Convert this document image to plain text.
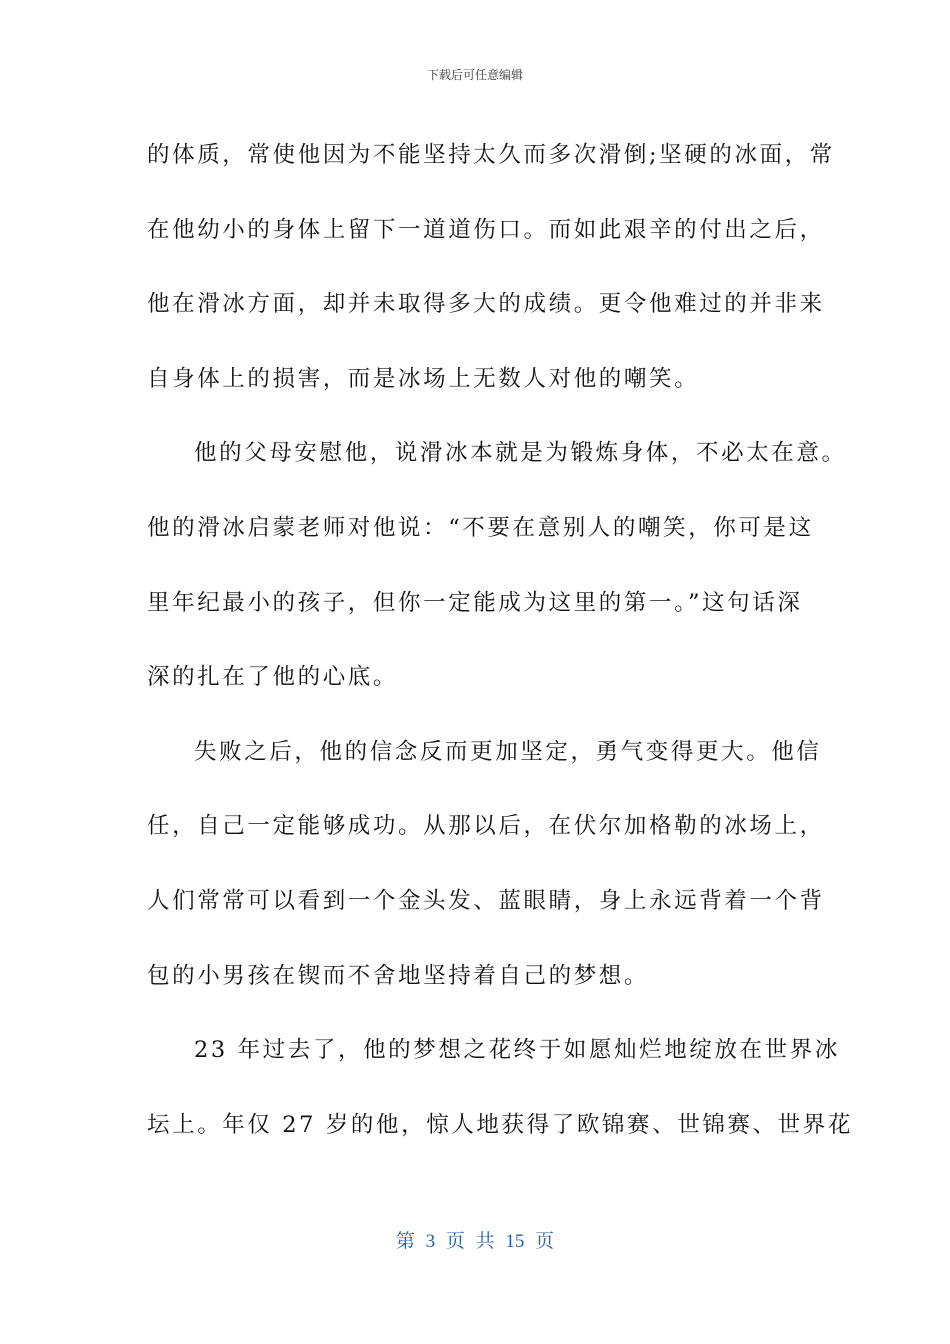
下载后可任意编辑
的体质，常使他因为不能坚持太久而多次滑倒;坚硬的冰面，常
在他幼小的身体上留下一道道伤口。而如此艰辛的付出之后，
他在滑冰方面，却并未取得多大的成绩。更令他难过的并非来
自身体上的损害，而是冰场上无数人对他的嘲笑。
他的父母安慰他，说滑冰本就是为锻炼身体，不必太在意。
他的滑冰启蒙老师对他说：“不要在意别人的嘲笑，你可是这
里年纪最小的孩子，但你一定能成为这里的第一。”这句话深
深的扎在了他的心底。
失败之后，他的信念反而更加坚定，勇气变得更大。他信
任，自己一定能够成功。从那以后，在伏尔加格勒的冰场上，
人们常常可以看到一个金头发、蓝眼睛，身上永远背着一个背
包的小男孩在锲而不舍地坚持着自己的梦想。
23 年过去了，他的梦想之花终于如愿灿烂地绽放在世界冰
坛上。年仅 27 岁的他，惊人地获得了欧锦赛、世锦赛、世界花
第 3 页 共 15 页
